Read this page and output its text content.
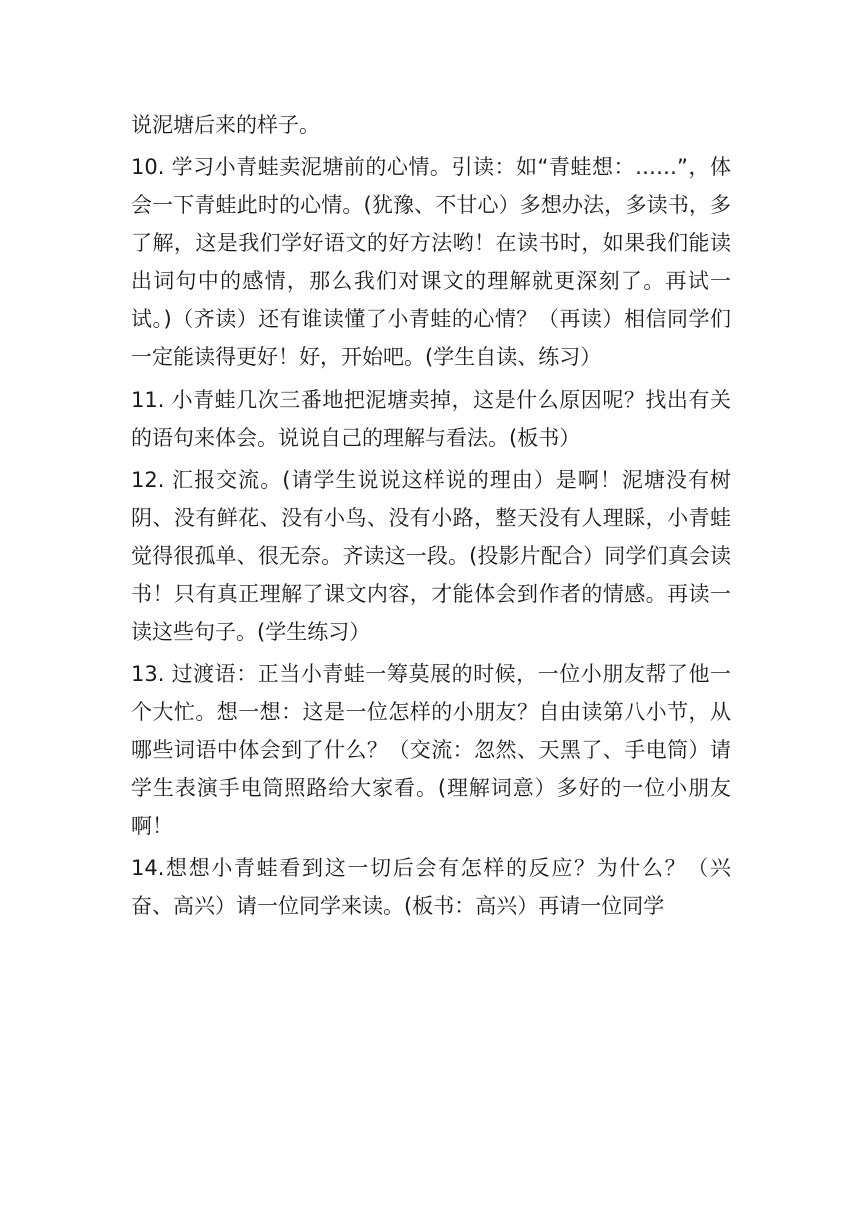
说泥塘后来的样子。

10. 学习小青蛙卖泥塘前的心情。引读：如“青蛙想：……”，体会一下青蛙此时的心情。(犹豫、不甘心）多想办法，多读书，多了解，这是我们学好语文的好方法哟！在读书时，如果我们能读出词句中的感情，那么我们对课文的理解就更深刻了。再试一试。)（齐读）还有谁读懂了小青蛙的心情？（再读）相信同学们一定能读得更好！好，开始吧。(学生自读、练习）

11. 小青蛙几次三番地把泥塘卖掉，这是什么原因呢？找出有关的语句来体会。说说自己的理解与看法。(板书）

12. 汇报交流。(请学生说说这样说的理由）是啊！泥塘没有树阴、没有鲜花、没有小鸟、没有小路，整天没有人理睬，小青蛙觉得很孤单、很无奈。齐读这一段。(投影片配合）同学们真会读书！只有真正理解了课文内容，才能体会到作者的情感。再读一读这些句子。(学生练习）

13. 过渡语：正当小青蛙一筹莫展的时候，一位小朋友帮了他一个大忙。想一想：这是一位怎样的小朋友？自由读第八小节，从哪些词语中体会到了什么？（交流：忽然、天黑了、手电筒）请学生表演手电筒照路给大家看。(理解词意）多好的一位小朋友啊！

14.想想小青蛙看到这一切后会有怎样的反应？为什么？（兴奋、高兴）请一位同学来读。(板书：高兴）再请一位同学
